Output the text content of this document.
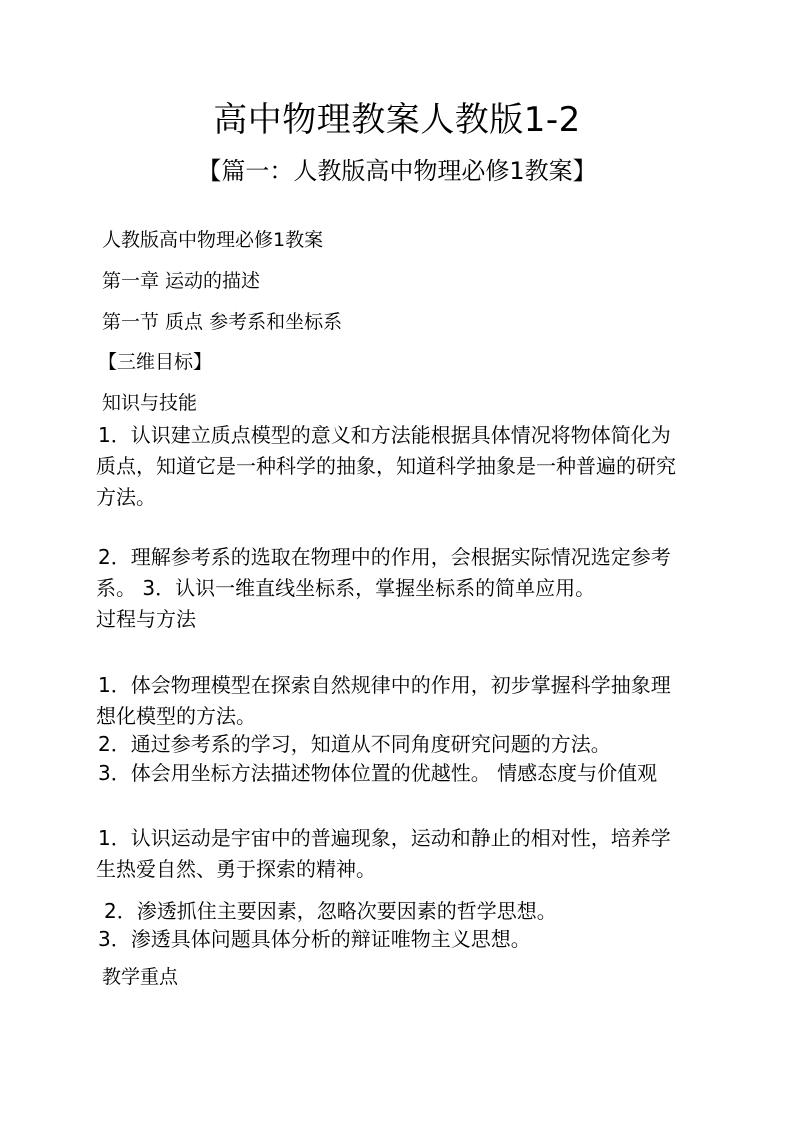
高中物理教案人教版1-2
【篇一：人教版高中物理必修1教案】
人教版高中物理必修1教案
第一章 运动的描述
第一节 质点 参考系和坐标系
【三维目标】
知识与技能
1．认识建立质点模型的意义和方法能根据具体情况将物体简化为
质点，知道它是一种科学的抽象，知道科学抽象是一种普遍的研究
方法。
2．理解参考系的选取在物理中的作用，会根据实际情况选定参考
系。 3．认识一维直线坐标系，掌握坐标系的简单应用。
过程与方法
1．体会物理模型在探索自然规律中的作用，初步掌握科学抽象理
想化模型的方法。
2．通过参考系的学习，知道从不同角度研究问题的方法。
3．体会用坐标方法描述物体位置的优越性。 情感态度与价值观
1．认识运动是宇宙中的普遍现象，运动和静止的相对性，培养学
生热爱自然、勇于探索的精神。
2．渗透抓住主要因素，忽略次要因素的哲学思想。
3．渗透具体问题具体分析的辩证唯物主义思想。
教学重点
